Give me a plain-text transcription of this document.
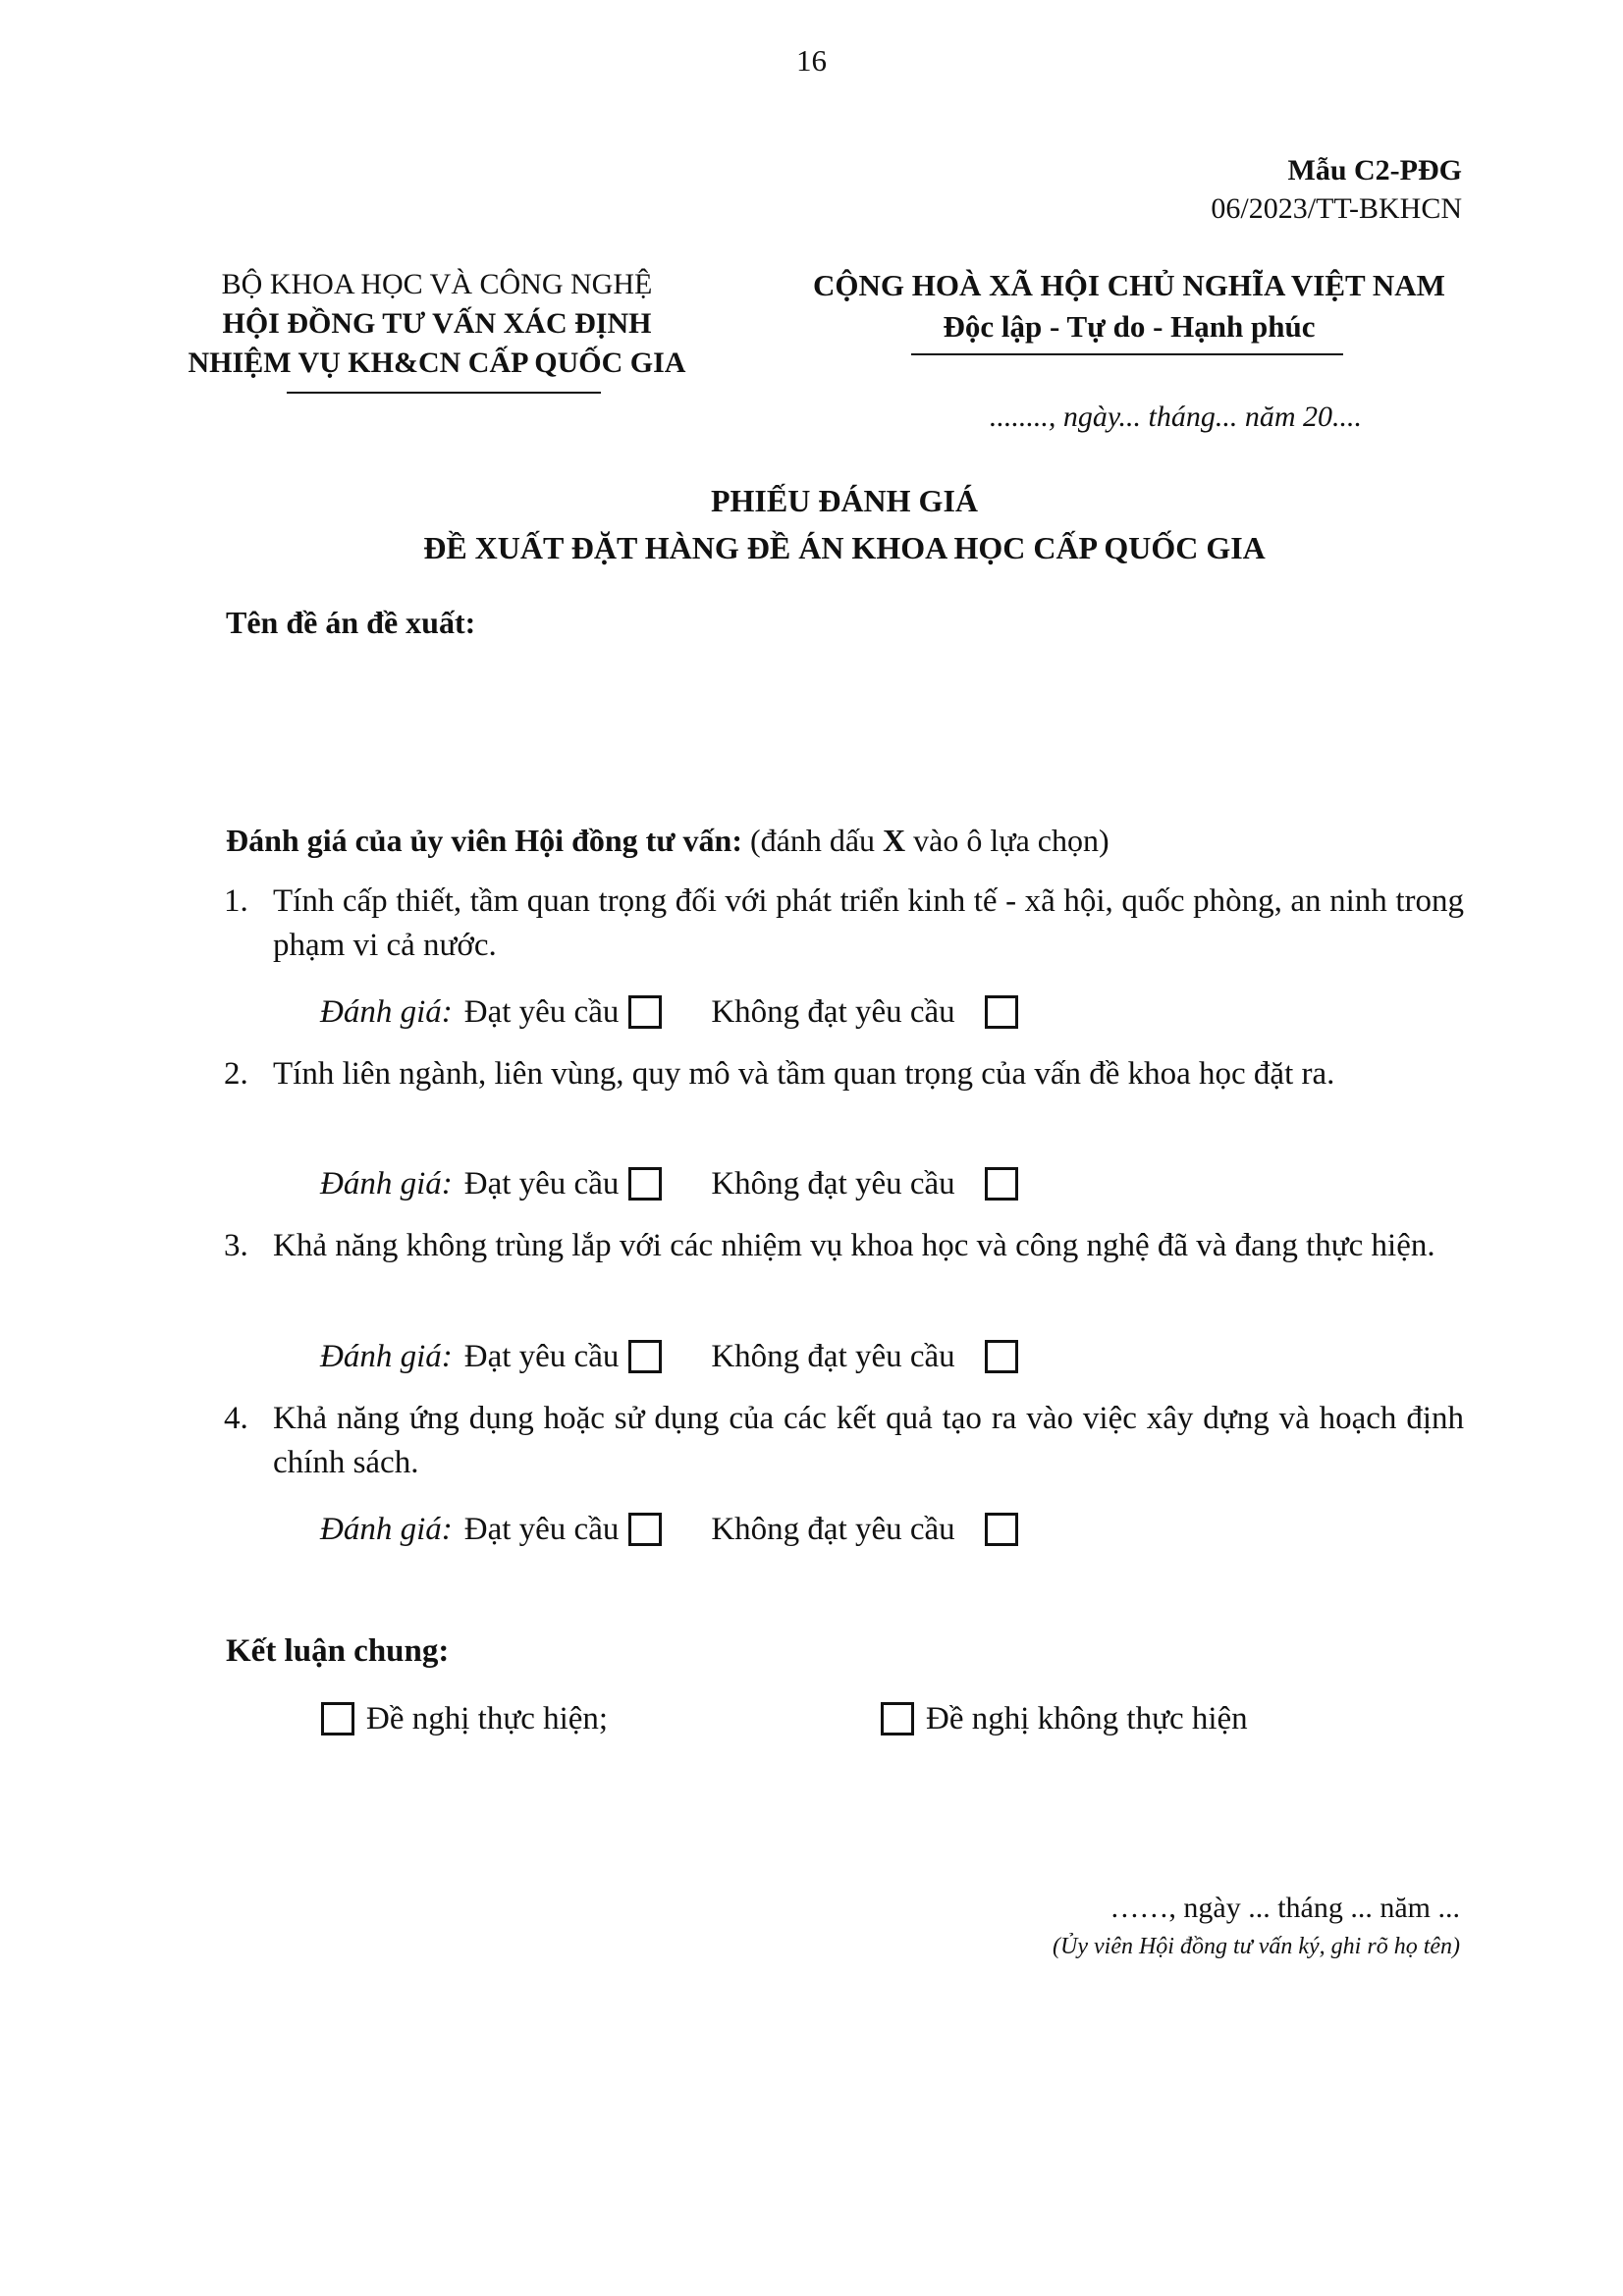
16
Mẫu C2-PĐG
06/2023/TT-BKHCN
BỘ KHOA HỌC VÀ CÔNG NGHỆ
HỘI ĐỒNG TƯ VẤN XÁC ĐỊNH
NHIỆM VỤ KH&CN CẤP QUỐC GIA
CỘNG HOÀ XÃ HỘI CHỦ NGHĨA VIỆT NAM
Độc lập - Tự do - Hạnh phúc
........, ngày... tháng... năm 20....
PHIẾU ĐÁNH GIÁ
ĐỀ XUẤT ĐẶT HÀNG ĐỀ ÁN KHOA HỌC CẤP QUỐC GIA
Tên đề án đề xuất:
Đánh giá của ủy viên Hội đồng tư vấn: (đánh dấu X vào ô lựa chọn)
1. Tính cấp thiết, tầm quan trọng đối với phát triển kinh tế - xã hội, quốc phòng, an ninh trong phạm vi cả nước.
Đánh giá: Đạt yêu cầu	Không đạt yêu cầu
2. Tính liên ngành, liên vùng, quy mô và tầm quan trọng của vấn đề khoa học đặt ra.
Đánh giá: Đạt yêu cầu	Không đạt yêu cầu
3. Khả năng không trùng lắp với các nhiệm vụ khoa học và công nghệ đã và đang thực hiện.
Đánh giá: Đạt yêu cầu	Không đạt yêu cầu
4. Khả năng ứng dụng hoặc sử dụng của các kết quả tạo ra vào việc xây dựng và hoạch định chính sách.
Đánh giá: Đạt yêu cầu	Không đạt yêu cầu
Kết luận chung:
Đề nghị thực hiện;	Đề nghị không thực hiện
……, ngày ... tháng ... năm ...
(Ủy viên Hội đồng tư vấn ký, ghi rõ họ tên)
